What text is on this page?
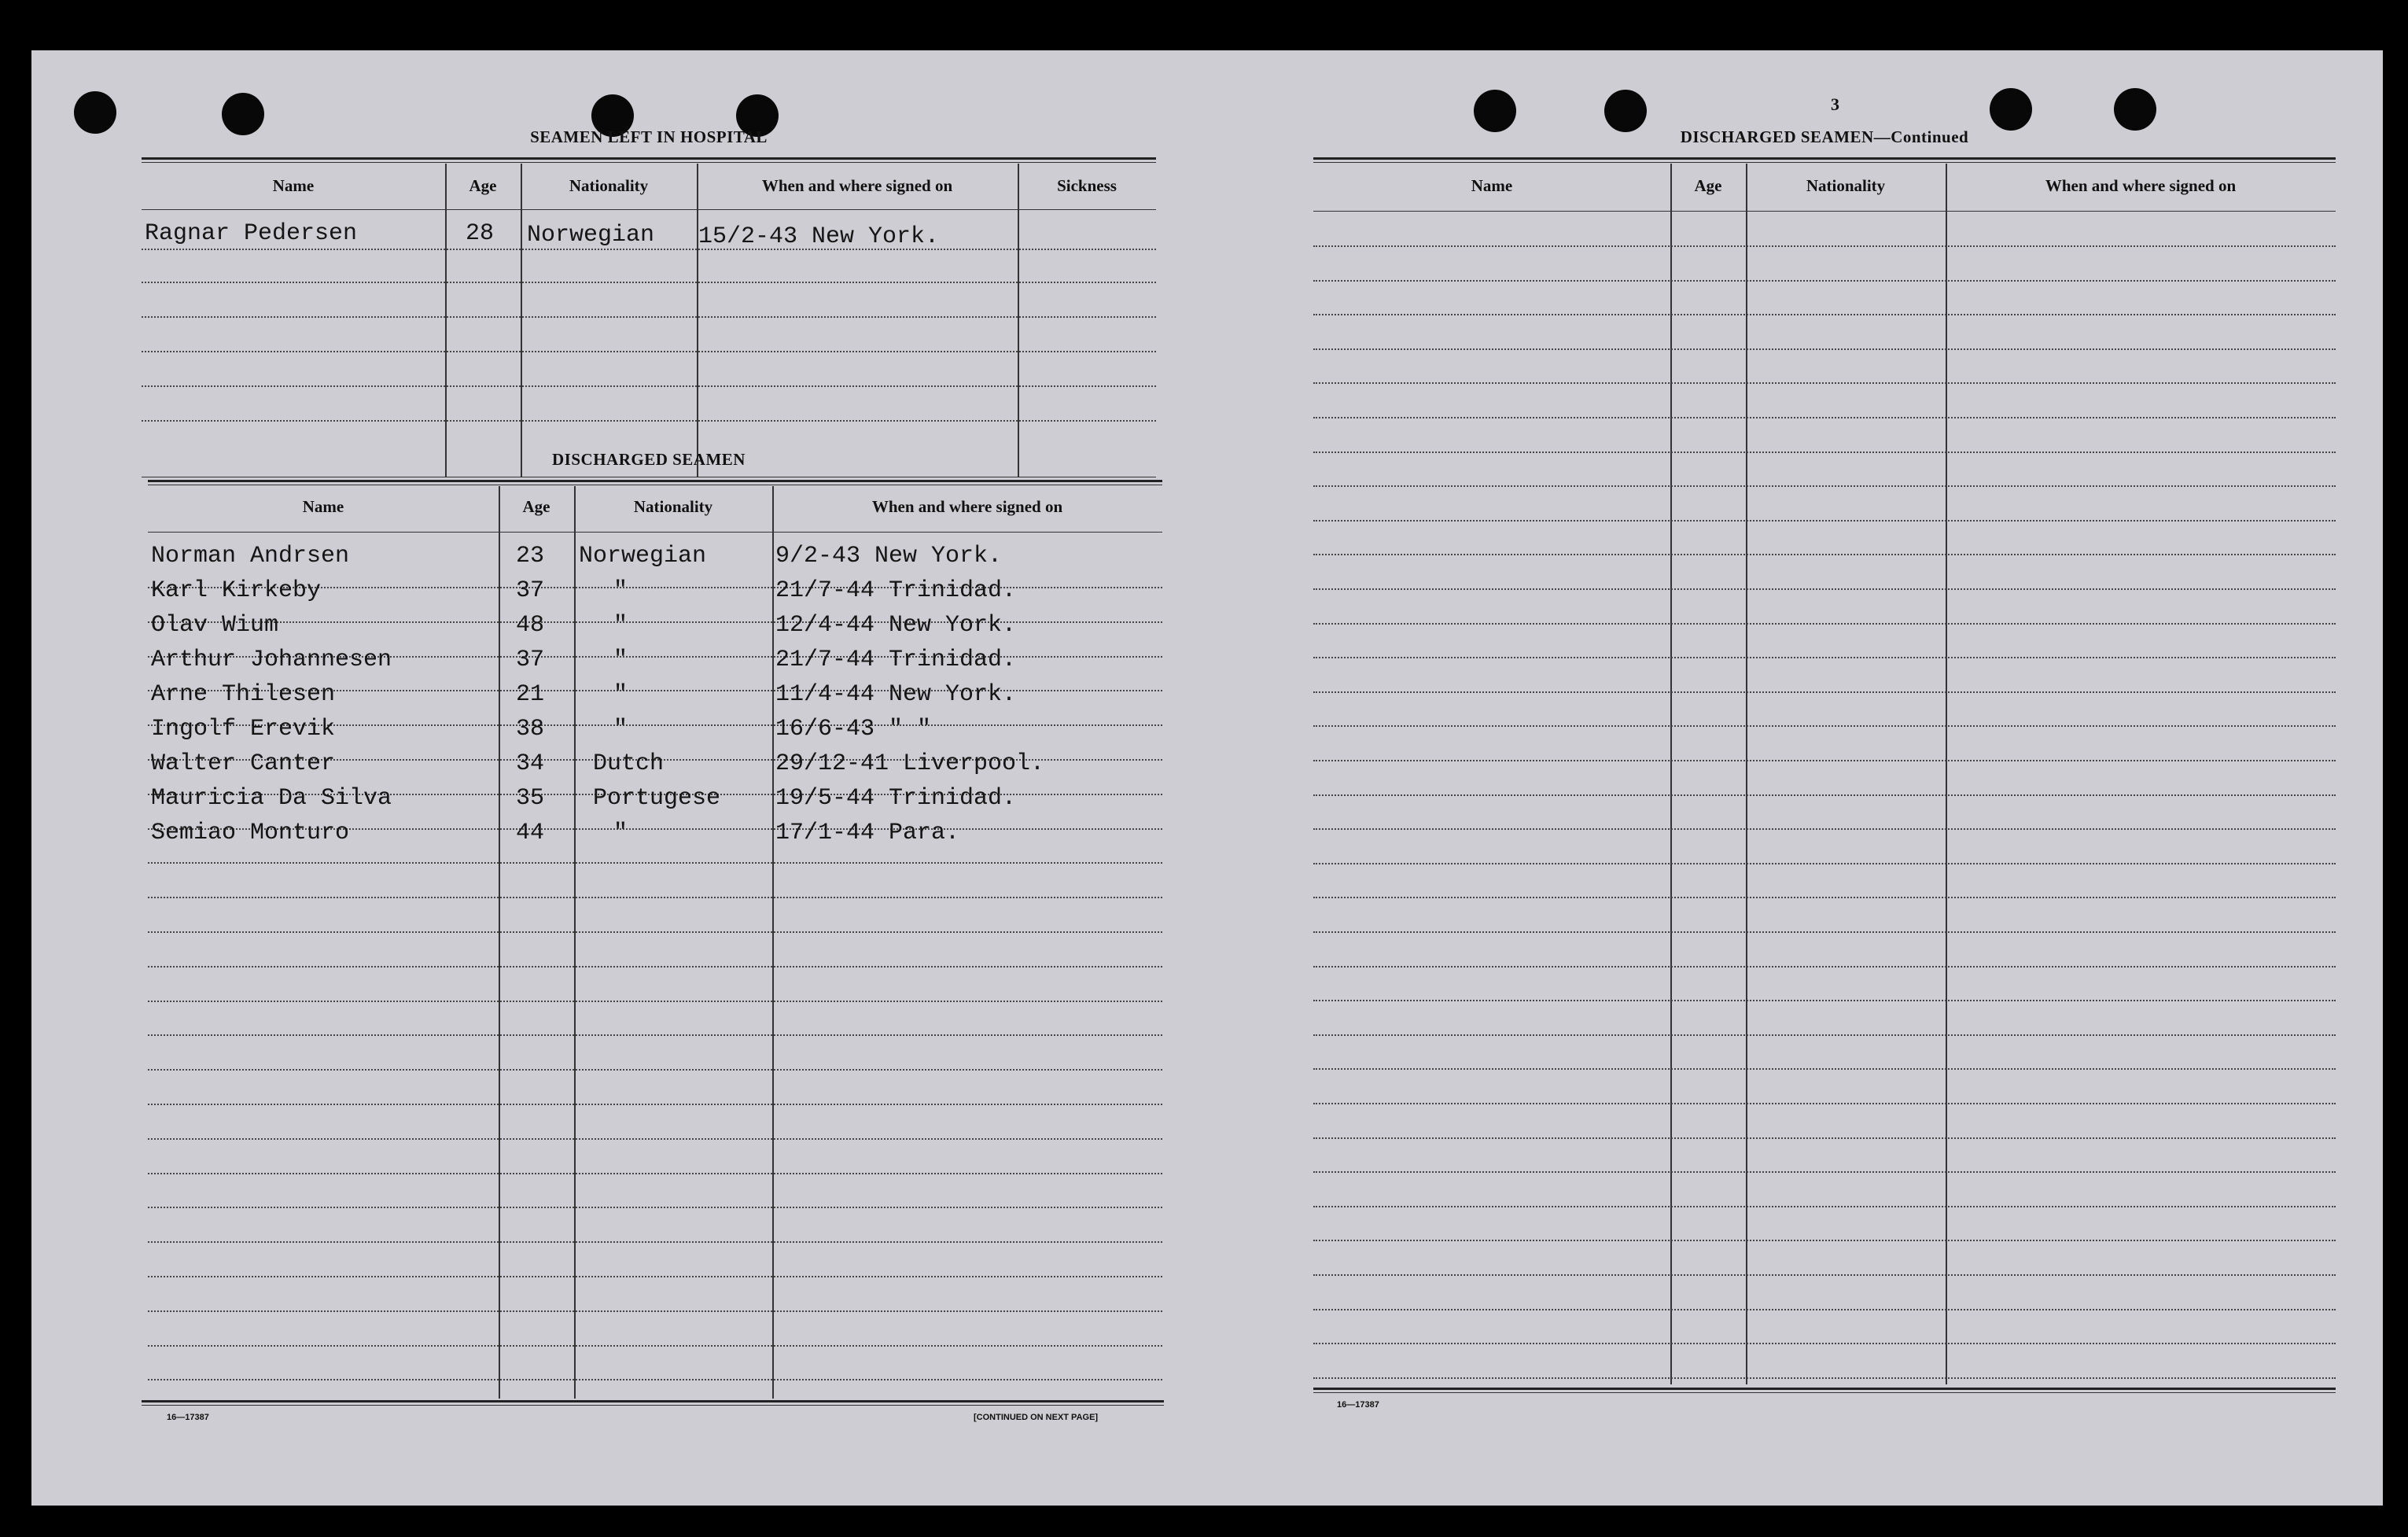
SEAMEN LEFT IN HOSPITAL
Name	Age	Nationality	When and where signed on	Sickness
Ragnar Pedersen	28 Norwegian 15/2-43 New York.
DISCHARGED SEAMEN
Name	Age	Nationality	When and where signed on
Norman Andrsen	23 Norwegian	9/2-43 New York.
Karl Kirkeby	37	"	21/7-44 Trinidad.
Olav Wium	48	"	12/4-44 New York.
Arthur Johannesen	37	"	21/7-44 Trinidad.
Arne Thilesen	21	"	11/4-44 New York.
Ingolf Erevik	38	"	16/6-43 " "
Walter Canter	34 Dutch	29/12-41 Liverpool.
Mauricia Da Silva	35 Portugese 19/5-44 Trinidad.
Semiao Monturo	44	"	17/1-44 Para.
16—17387	[CONTINUED ON NEXT PAGE]
3
DISCHARGED SEAMEN—Continued
Name	Age	Nationality	When and where signed on
16—17387
